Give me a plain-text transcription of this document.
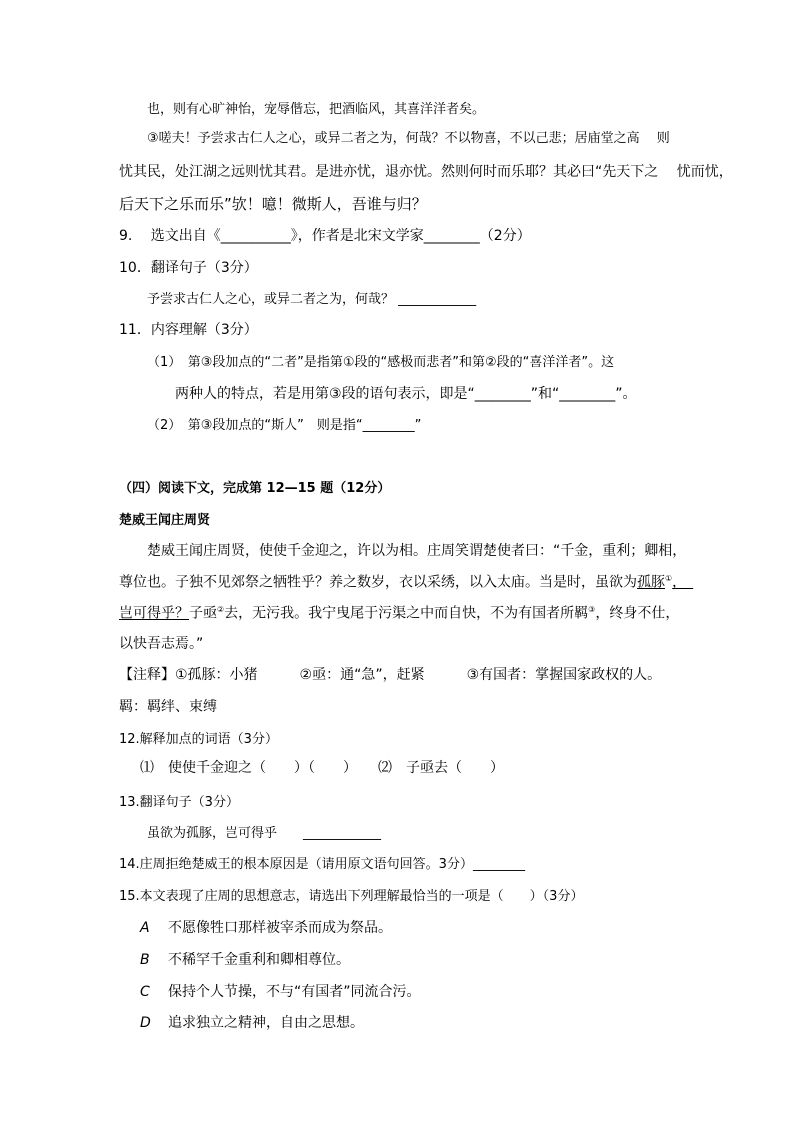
也，则有心旷神怡，宠辱偕忘，把酒临风，其喜洋洋者矣。
③嗟夫！予尝求古仁人之心，或异二者之为，何哉？不以物喜，不以己悲；居庙堂之高　 则
忧其民，处江湖之远则忧其君。是进亦忧，退亦忧。然则何时而乐耶？其必曰“先天下之　 忧而忧，
后天下之乐而乐”欤！噫！微斯人，吾谁与归？
9.　 选文出自《__________》，作者是北宋文学家________（2分）
10．翻译句子（3分）
予尝求古仁人之心，或异二者之为，何哉？ ____________
11．内容理解（3分）
（1）　第③段加点的“二者”是指第①段的“感极而悲者”和第②段的“喜洋洋者”。这
两种人的特点，若是用第③段的语句表示，即是“________”和“________”。
（2）　第③段加点的“斯人”　则是指“________”
（四）阅读下文，完成第 12—15 题（12分）
楚威王闻庄周贤
楚威王闻庄周贤，使使千金迎之，许以为相。庄周笑谓楚使者曰：“千金，重利；卿相，
尊位也。子独不见郊祭之牺牲乎？养之数岁，衣以采绣，以入太庙。当是时，虽欲为孤豚①，　
岂可得乎？子亟②去，无污我。我宁曳尾于污渠之中而自快，不为有国者所羁③，终身不仕，
以快吾志焉。”
【注释】①孤豚：小猪　　　②亟：通“急”，赶紧　　　③有国者：掌握国家政权的人。
羁：羁绊、束缚
12.解释加点的词语（3分）
⑴　使使千金迎之（　　）（　　）　　⑵　子亟去（　　）
13.翻译句子（3分）
虽欲为孤豚，岂可得乎　　____________
14.庄周拒绝楚威王的根本原因是（请用原文语句回答。3分）________
15.本文表现了庄周的思想意志，请选出下列理解最恰当的一项是（　　）（3分）
A 不愿像牲口那样被宰杀而成为祭品。
B 不稀罕千金重利和卿相尊位。
C 保持个人节操，不与“有国者”同流合污。
D 追求独立之精神，自由之思想。
